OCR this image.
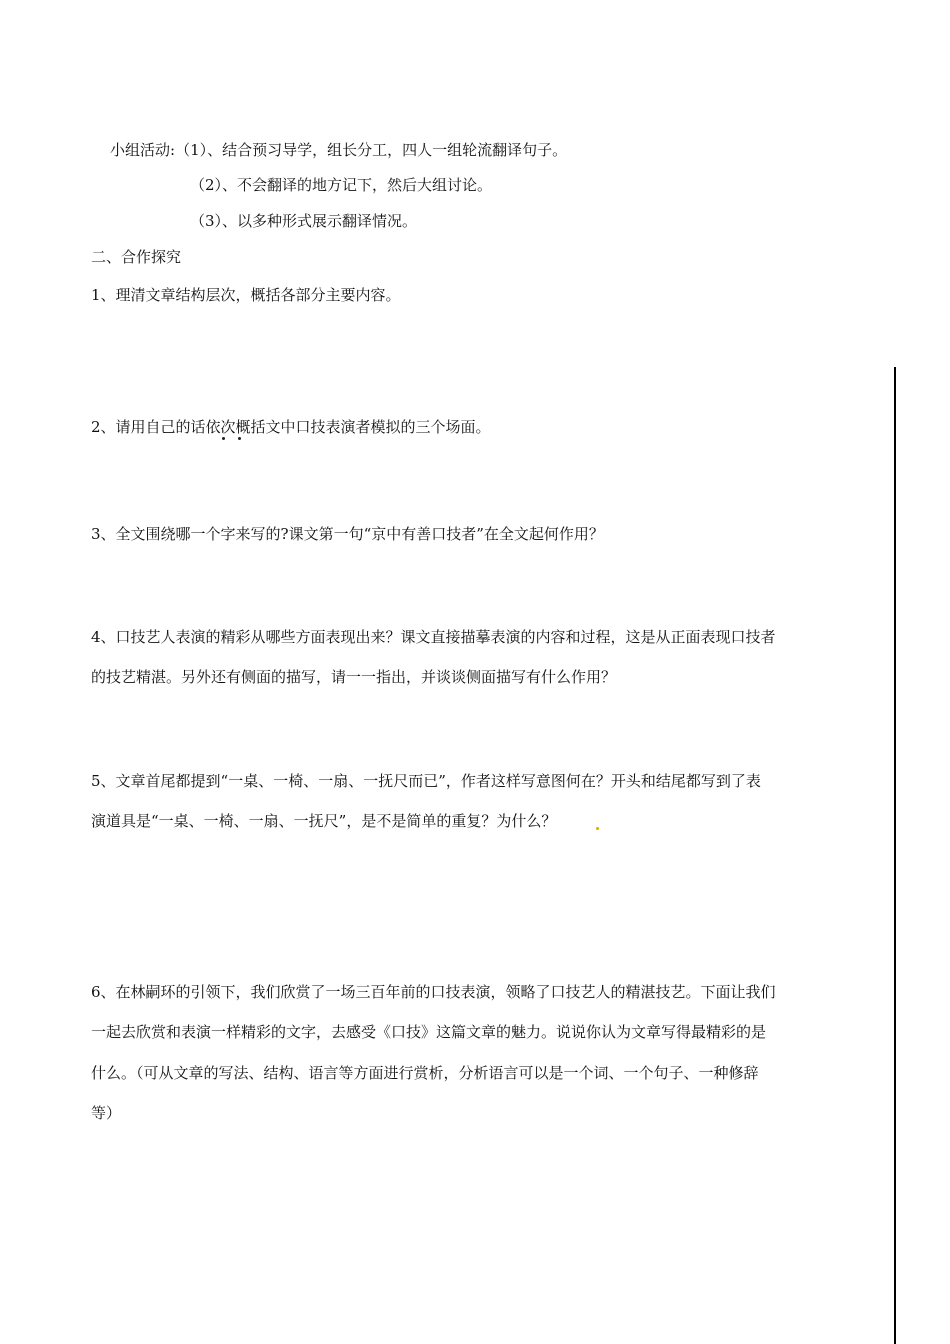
小组活动:（1）、结合预习导学，组长分工，四人一组轮流翻译句子。
（2）、不会翻译的地方记下，然后大组讨论。
（3）、以多种形式展示翻译情况。
二、合作探究
1、理清文章结构层次，概括各部分主要内容。
2、请用自己的话依次概括文中口技表演者模拟的三个场面。
3、全文围绕哪一个字来写的?课文第一句“京中有善口技者”在全文起何作用？
4、口技艺人表演的精彩从哪些方面表现出来？课文直接描摹表演的内容和过程，这是从正面表现口技者
的技艺精湛。另外还有侧面的描写，请一一指出，并谈谈侧面描写有什么作用？
5、文章首尾都提到“一桌、一椅、一扇、一抚尺而已”，作者这样写意图何在？开头和结尾都写到了表
演道具是“一桌、一椅、一扇、一抚尺”，是不是简单的重复？为什么？
6、在林嗣环的引领下，我们欣赏了一场三百年前的口技表演，领略了口技艺人的精湛技艺。下面让我们
一起去欣赏和表演一样精彩的文字，去感受《口技》这篇文章的魅力。说说你认为文章写得最精彩的是
什么。（可从文章的写法、结构、语言等方面进行赏析，分析语言可以是一个词、一个句子、一种修辞
等）
